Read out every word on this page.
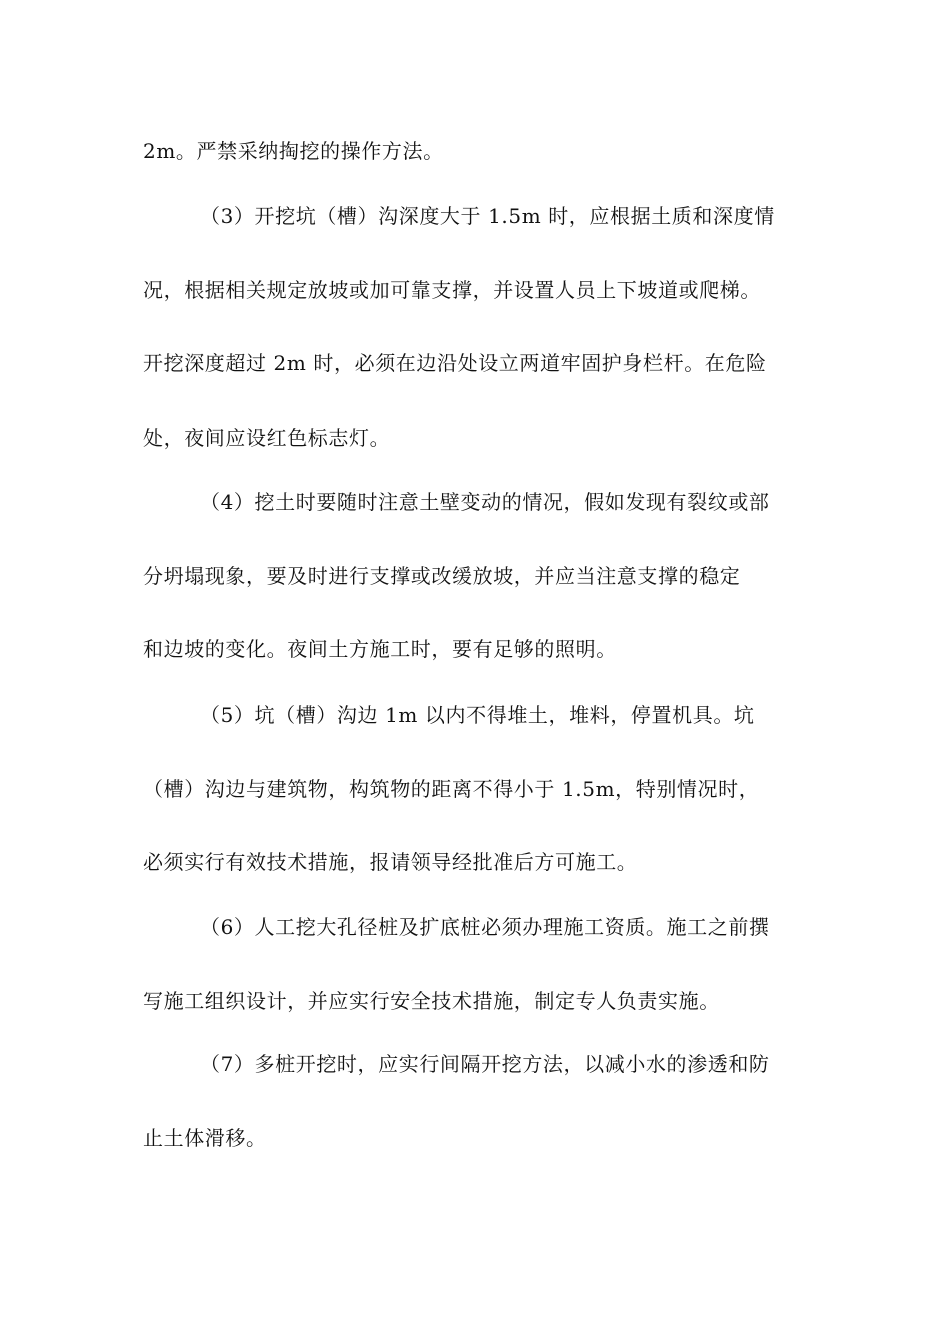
2m。严禁采纳掏挖的操作方法。
（3）开挖坑（槽）沟深度大于 1.5m 时，应根据土质和深度情
况，根据相关规定放坡或加可靠支撑，并设置人员上下坡道或爬梯。
开挖深度超过 2m 时，必须在边沿处设立两道牢固护身栏杆。在危险
处，夜间应设红色标志灯。
（4）挖土时要随时注意土壁变动的情况，假如发现有裂纹或部
分坍塌现象，要及时进行支撑或改缓放坡，并应当注意支撑的稳定
和边坡的变化。夜间土方施工时，要有足够的照明。
（5）坑（槽）沟边 1m 以内不得堆土，堆料，停置机具。坑
（槽）沟边与建筑物，构筑物的距离不得小于 1.5m，特别情况时，
必须实行有效技术措施，报请领导经批准后方可施工。
（6）人工挖大孔径桩及扩底桩必须办理施工资质。施工之前撰
写施工组织设计，并应实行安全技术措施，制定专人负责实施。
（7）多桩开挖时，应实行间隔开挖方法，以减小水的渗透和防
止土体滑移。
